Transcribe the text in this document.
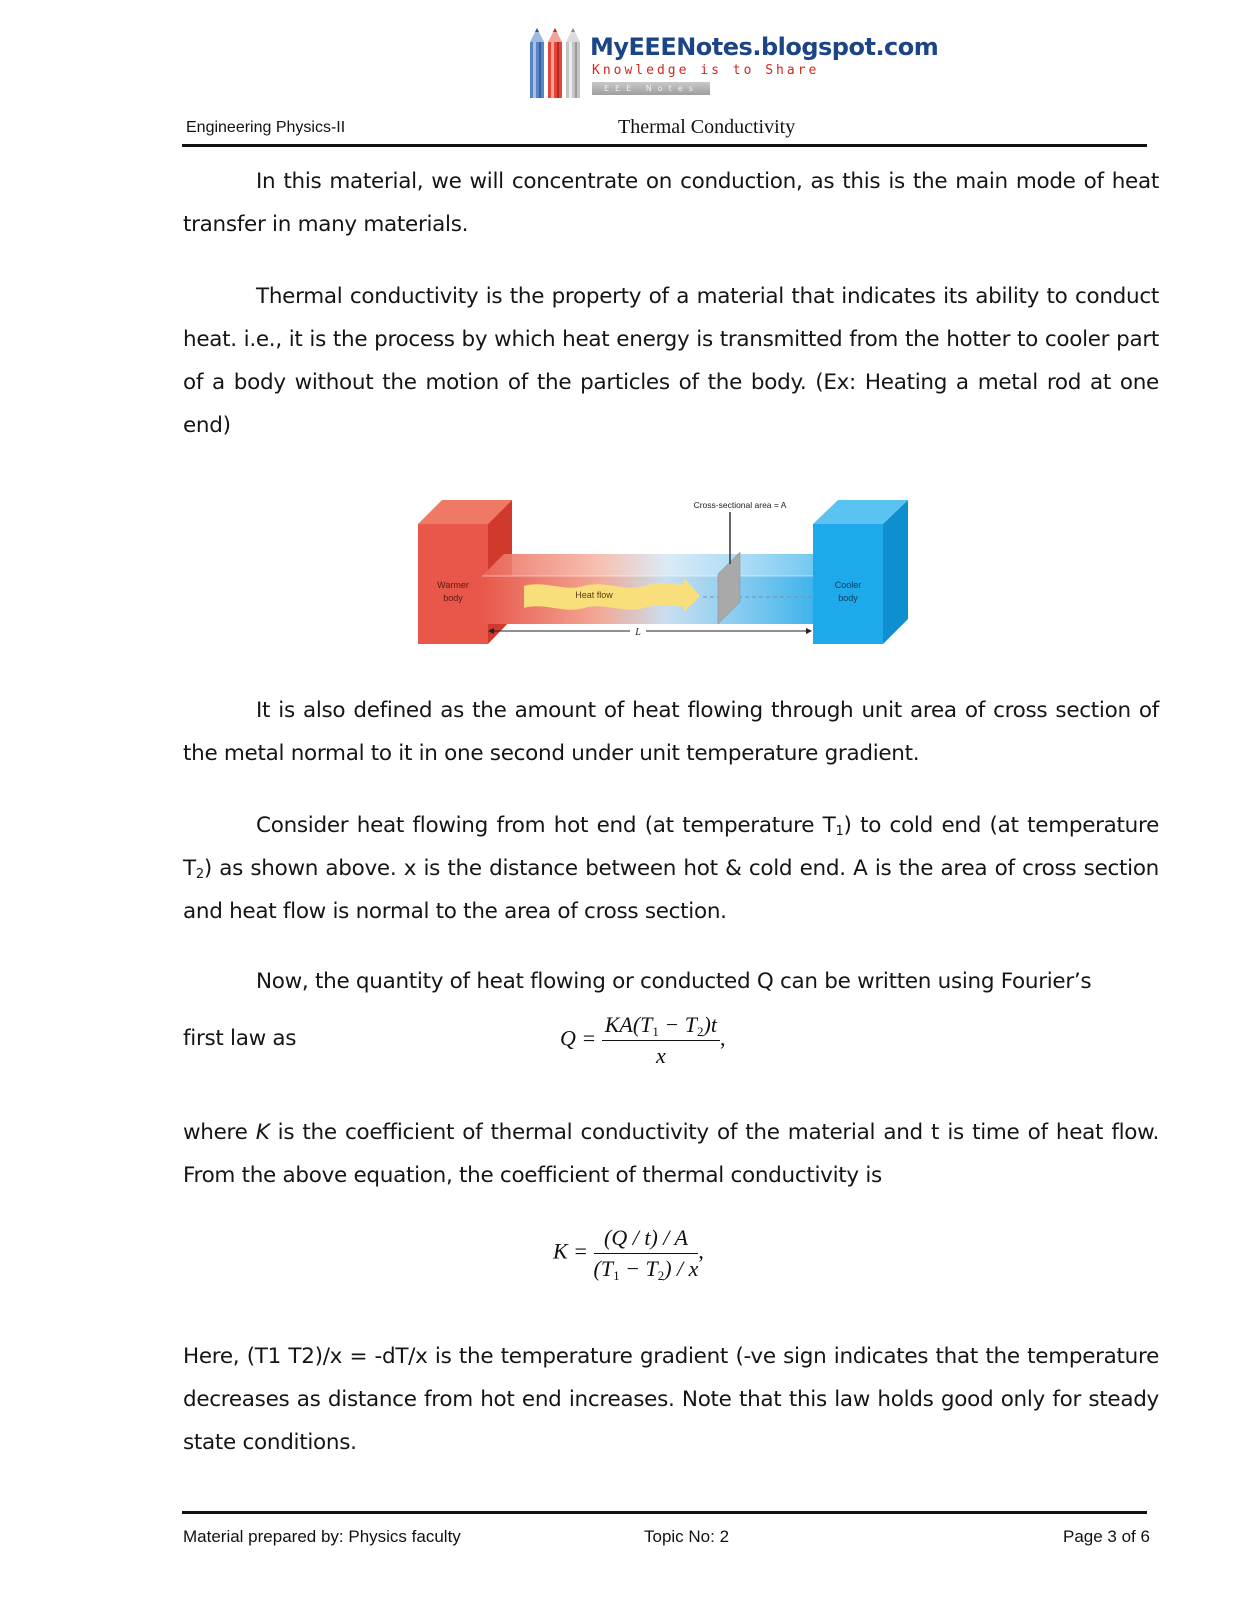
MyEEENotes.blogspot.com
Knowledge is to Share
EEE Notes
Engineering Physics-II	Thermal Conductivity

In this material, we will concentrate on conduction, as this is the main mode of heat transfer in many materials.

Thermal conductivity is the property of a material that indicates its ability to conduct heat. i.e., it is the process by which heat energy is transmitted from the hotter to cooler part of a body without the motion of the particles of the body. (Ex: Heating a metal rod at one end)

It is also defined as the amount of heat flowing through unit area of cross section of the metal normal to it in one second under unit temperature gradient.

Consider heat flowing from hot end (at temperature $T_1$) to cold end (at temperature $T_2$) as shown above. x is the distance between hot & cold end. A is the area of cross section and heat flow is normal to the area of cross section.

Now, the quantity of heat flowing or conducted Q can be written using Fourier’s

first law as

where K is the coefficient of thermal conductivity of the material and t is time of heat flow. From the above equation, the coefficient of thermal conductivity is

Here, (T1 T2)/x = -dT/x is the temperature gradient (-ve sign indicates that the temperature decreases as distance from hot end increases. Note that this law holds good only for steady state conditions.

Warmer
body	Heat flow
Cooler
body
Cross-sectional area = A
L
$Q = \frac{KA(T_1 - T_2)t}{x}$ ,
$K = \frac{(Q / t) / A}{(T_1 - T_2) / x}$ ,
Material prepared by: Physics faculty	Topic No: 2	Page 3 of 6
